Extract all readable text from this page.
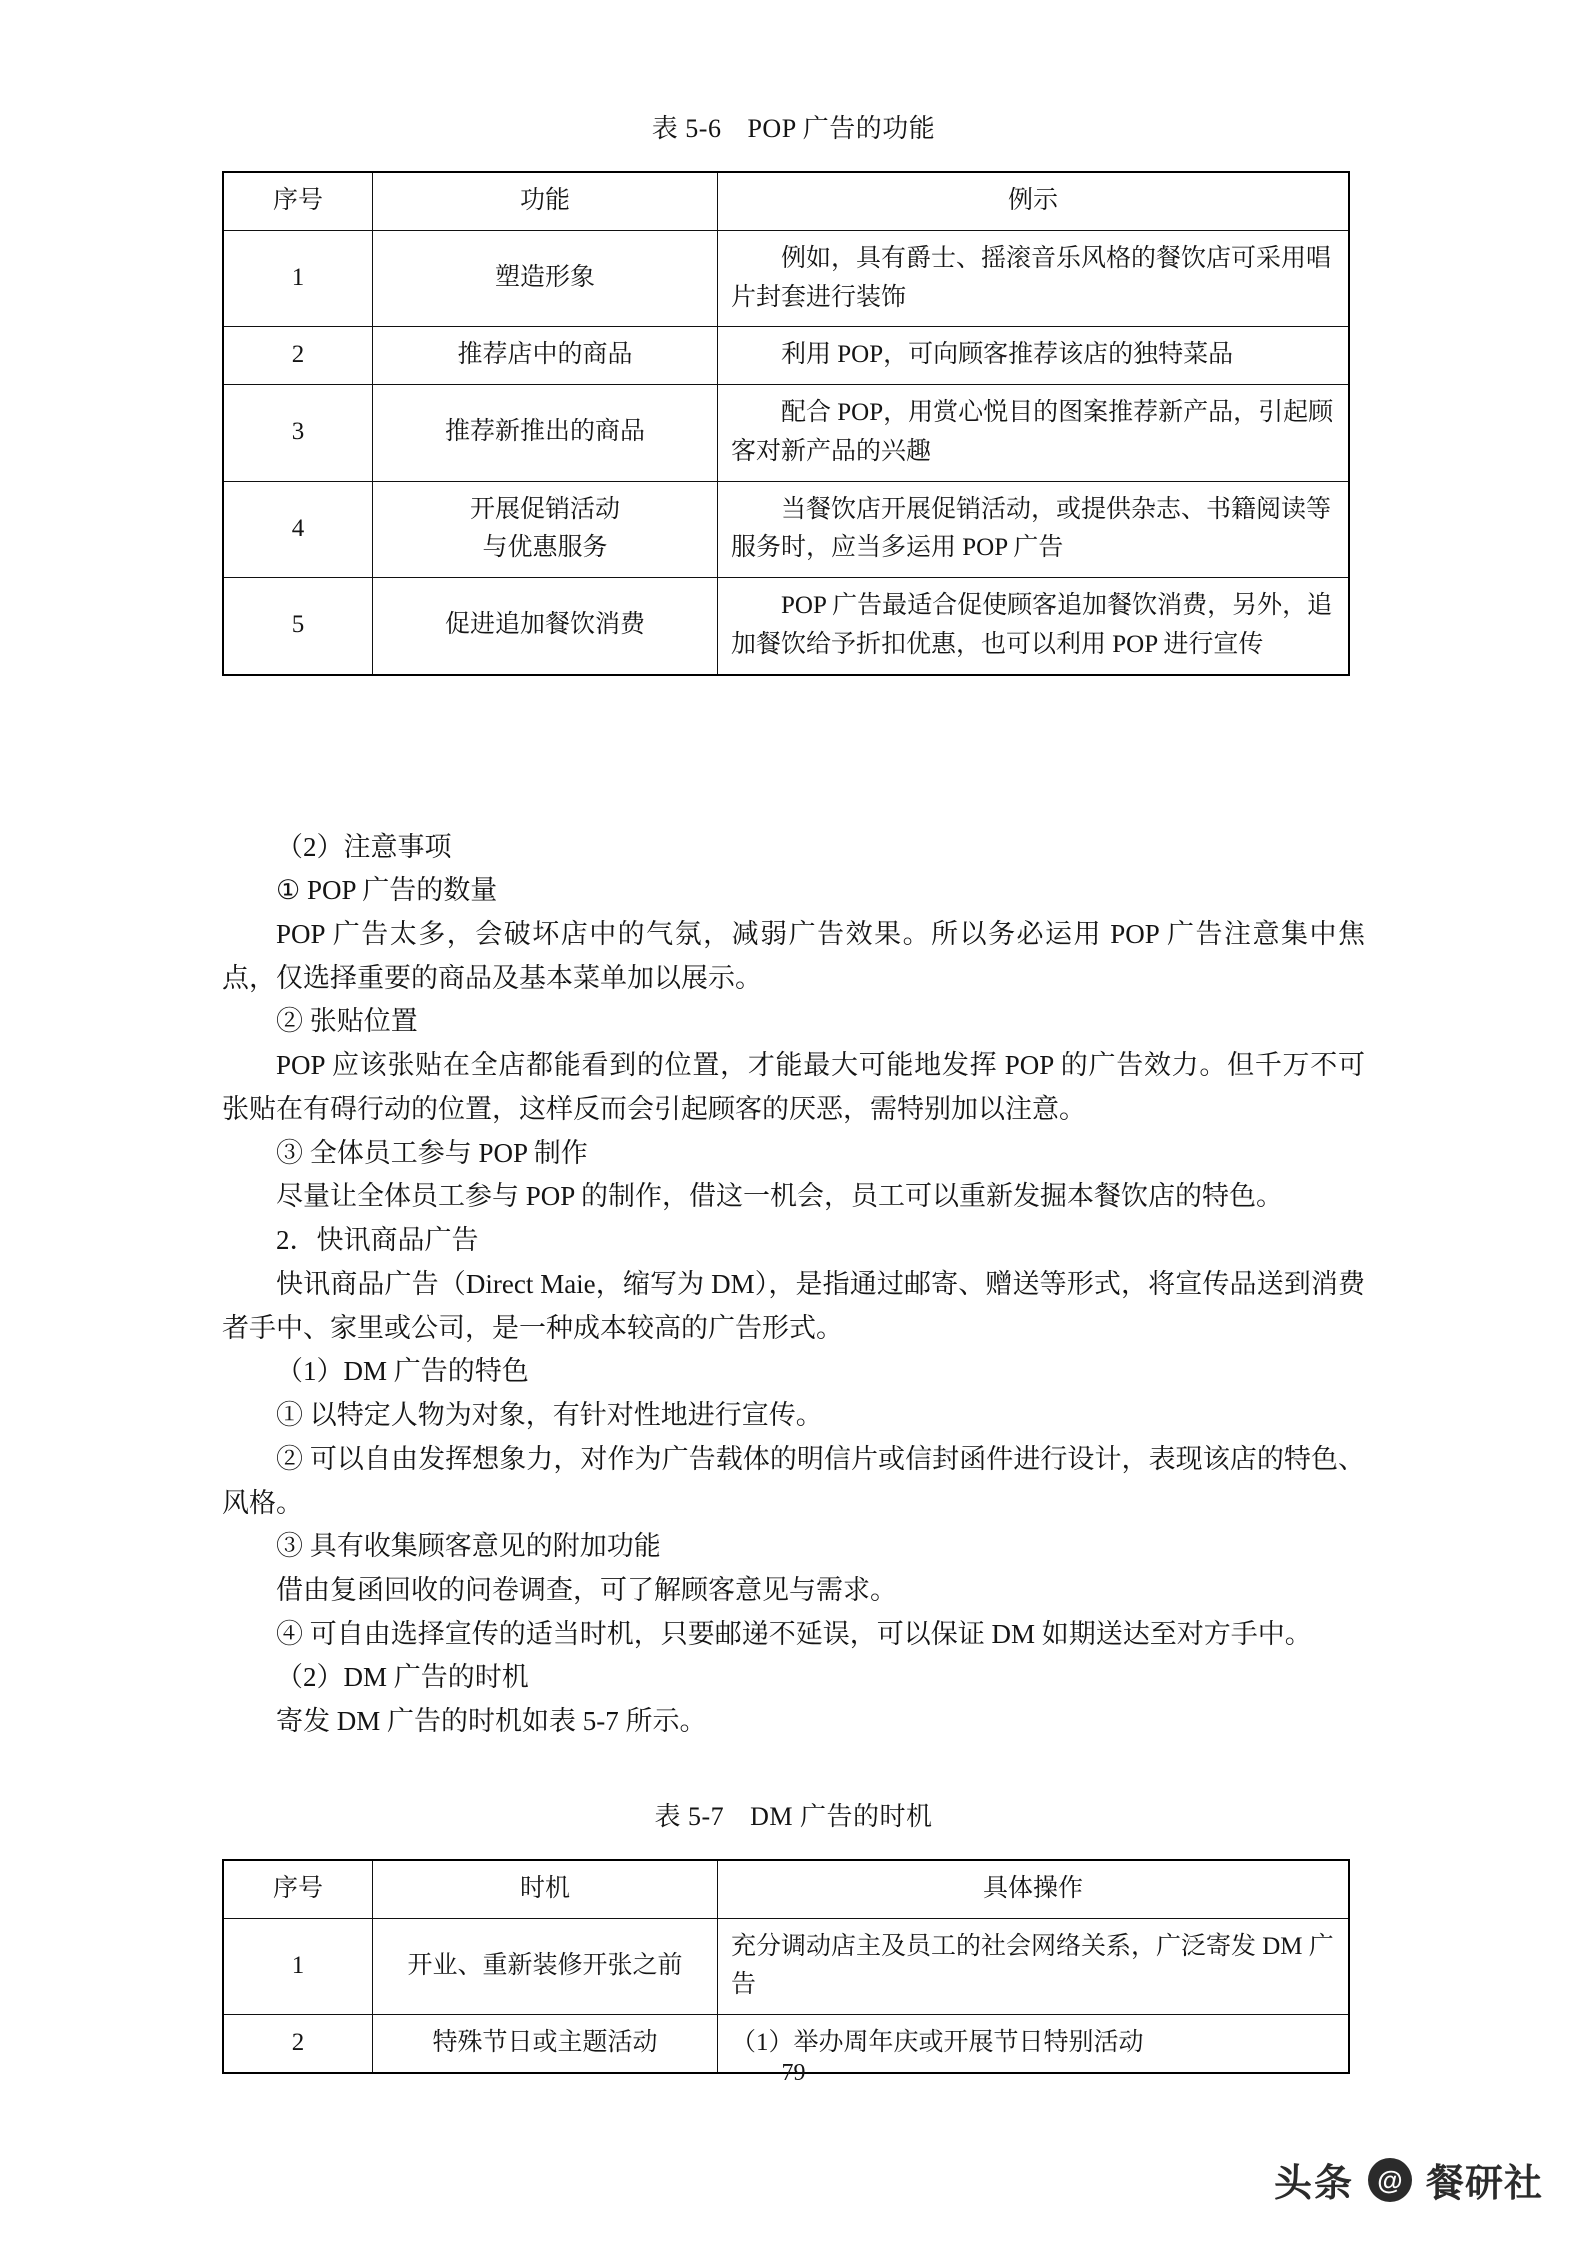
表 5-6 POP 广告的功能
序号	功能	例示
1	塑造形象	例如，具有爵士、摇滚音乐风格的餐饮店可采用唱片封套进行装饰
2	推荐店中的商品	利用 POP，可向顾客推荐该店的独特菜品
3	推荐新推出的商品	配合 POP，用赏心悦目的图案推荐新产品，引起顾客对新产品的兴趣
4	开展促销活动
与优惠服务	当餐饮店开展促销活动，或提供杂志、书籍阅读等服务时，应当多运用 POP 广告
5	促进追加餐饮消费	POP 广告最适合促使顾客追加餐饮消费，另外，追加餐饮给予折扣优惠，也可以利用 POP 进行宣传

（2）注意事项

① POP 广告的数量

POP 广告太多，会破坏店中的气氛，减弱广告效果。所以务必运用 POP 广告注意集中焦点，仅选择重要的商品及基本菜单加以展示。

② 张贴位置

POP 应该张贴在全店都能看到的位置，才能最大可能地发挥 POP 的广告效力。但千万不可张贴在有碍行动的位置，这样反而会引起顾客的厌恶，需特别加以注意。

③ 全体员工参与 POP 制作

尽量让全体员工参与 POP 的制作，借这一机会，员工可以重新发掘本餐饮店的特色。

2．快讯商品广告

快讯商品广告（Direct Maie，缩写为 DM），是指通过邮寄、赠送等形式，将宣传品送到消费者手中、家里或公司，是一种成本较高的广告形式。

（1）DM 广告的特色

① 以特定人物为对象，有针对性地进行宣传。

② 可以自由发挥想象力，对作为广告载体的明信片或信封函件进行设计，表现该店的特色、风格。

③ 具有收集顾客意见的附加功能

借由复函回收的问卷调查，可了解顾客意见与需求。

④ 可自由选择宣传的适当时机，只要邮递不延误，可以保证 DM 如期送达至对方手中。

（2）DM 广告的时机

寄发 DM 广告的时机如表 5-7 所示。

表 5-7 DM 广告的时机
序号	时机	具体操作
1	开业、重新装修开张之前	充分调动店主及员工的社会网络关系，广泛寄发 DM 广告
2	特殊节日或主题活动	（1）举办周年庆或开展节日特别活动
79
头条 @ 餐研社
